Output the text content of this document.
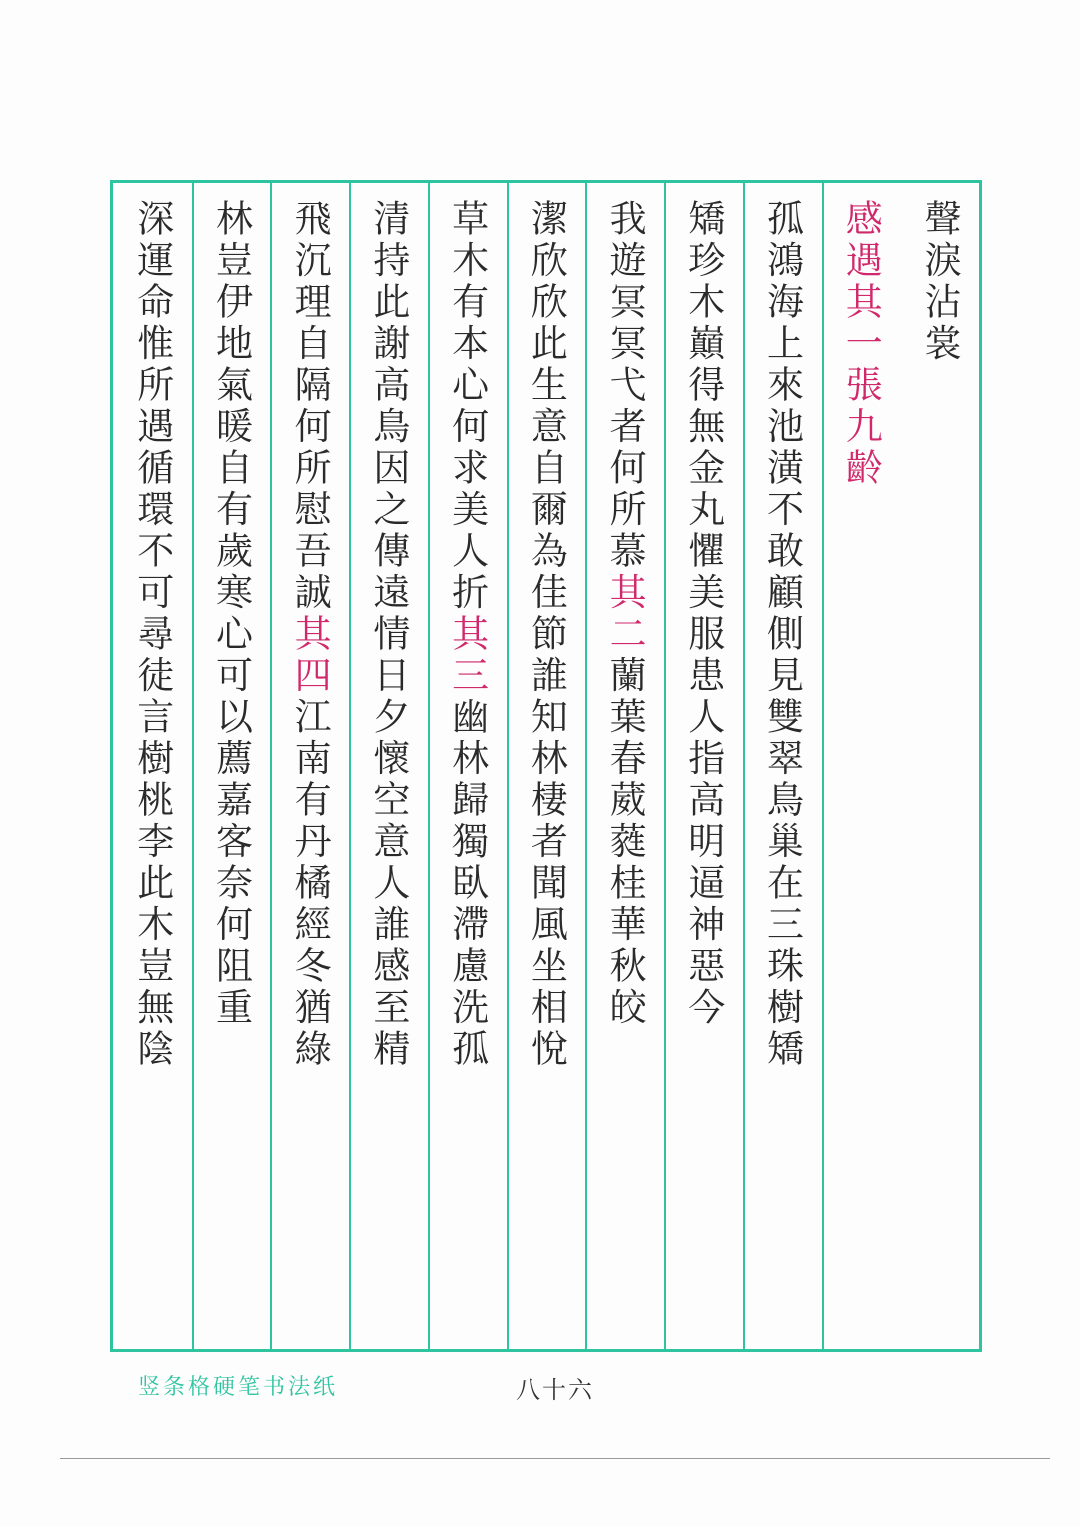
聲淚沾裳
感遇其一張九齡
孤鴻海上來池潢不敢顧側見雙翠鳥巢在三珠樹矯
矯珍木巔得無金丸懼美服患人指高明逼神惡今
我遊冥冥弋者何所慕其二蘭葉春葳蕤桂華秋皎
潔欣欣此生意自爾為佳節誰知林棲者聞風坐相悅
草木有本心何求美人折其三幽林歸獨臥滯慮洗孤
清持此謝高鳥因之傳遠情日夕懷空意人誰感至精
飛沉理自隔何所慰吾誠其四江南有丹橘經冬猶綠
林豈伊地氣暖自有歲寒心可以薦嘉客奈何阻重
深運命惟所遇循環不可尋徒言樹桃李此木豈無陰
竖条格硬笔书法纸	八十六
